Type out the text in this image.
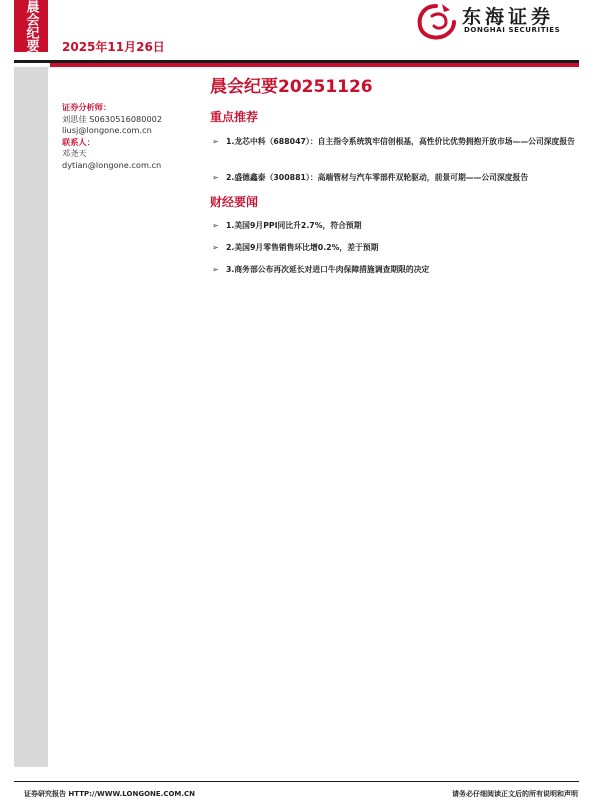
晨会纪要 2025年11月26日
东海证券
DONGHAI SECURITIES
证券分析师：
刘思佳 S0630516080002
liusj@longone.com.cn
联系人：
邓尧天
dytian@longone.com.cn
晨会纪要20251126
重点推荐
➢ 1.龙芯中科（688047）：自主指令系统筑牢信创根基，高性价比优势拥抱开放市场——公司深度报告
➢ 2.盛德鑫泰（300881）：高端管材与汽车零部件双轮驱动，前景可期——公司深度报告
财经要闻
➢ 1.美国9月PPI同比升2.7%，符合预期
➢ 2.美国9月零售销售环比增0.2%，差于预期
➢ 3.商务部公布再次延长对进口牛肉保障措施调查期限的决定
证券研究报告 HTTP://WWW.LONGONE.COM.CN	请务必仔细阅读正文后的所有说明和声明
